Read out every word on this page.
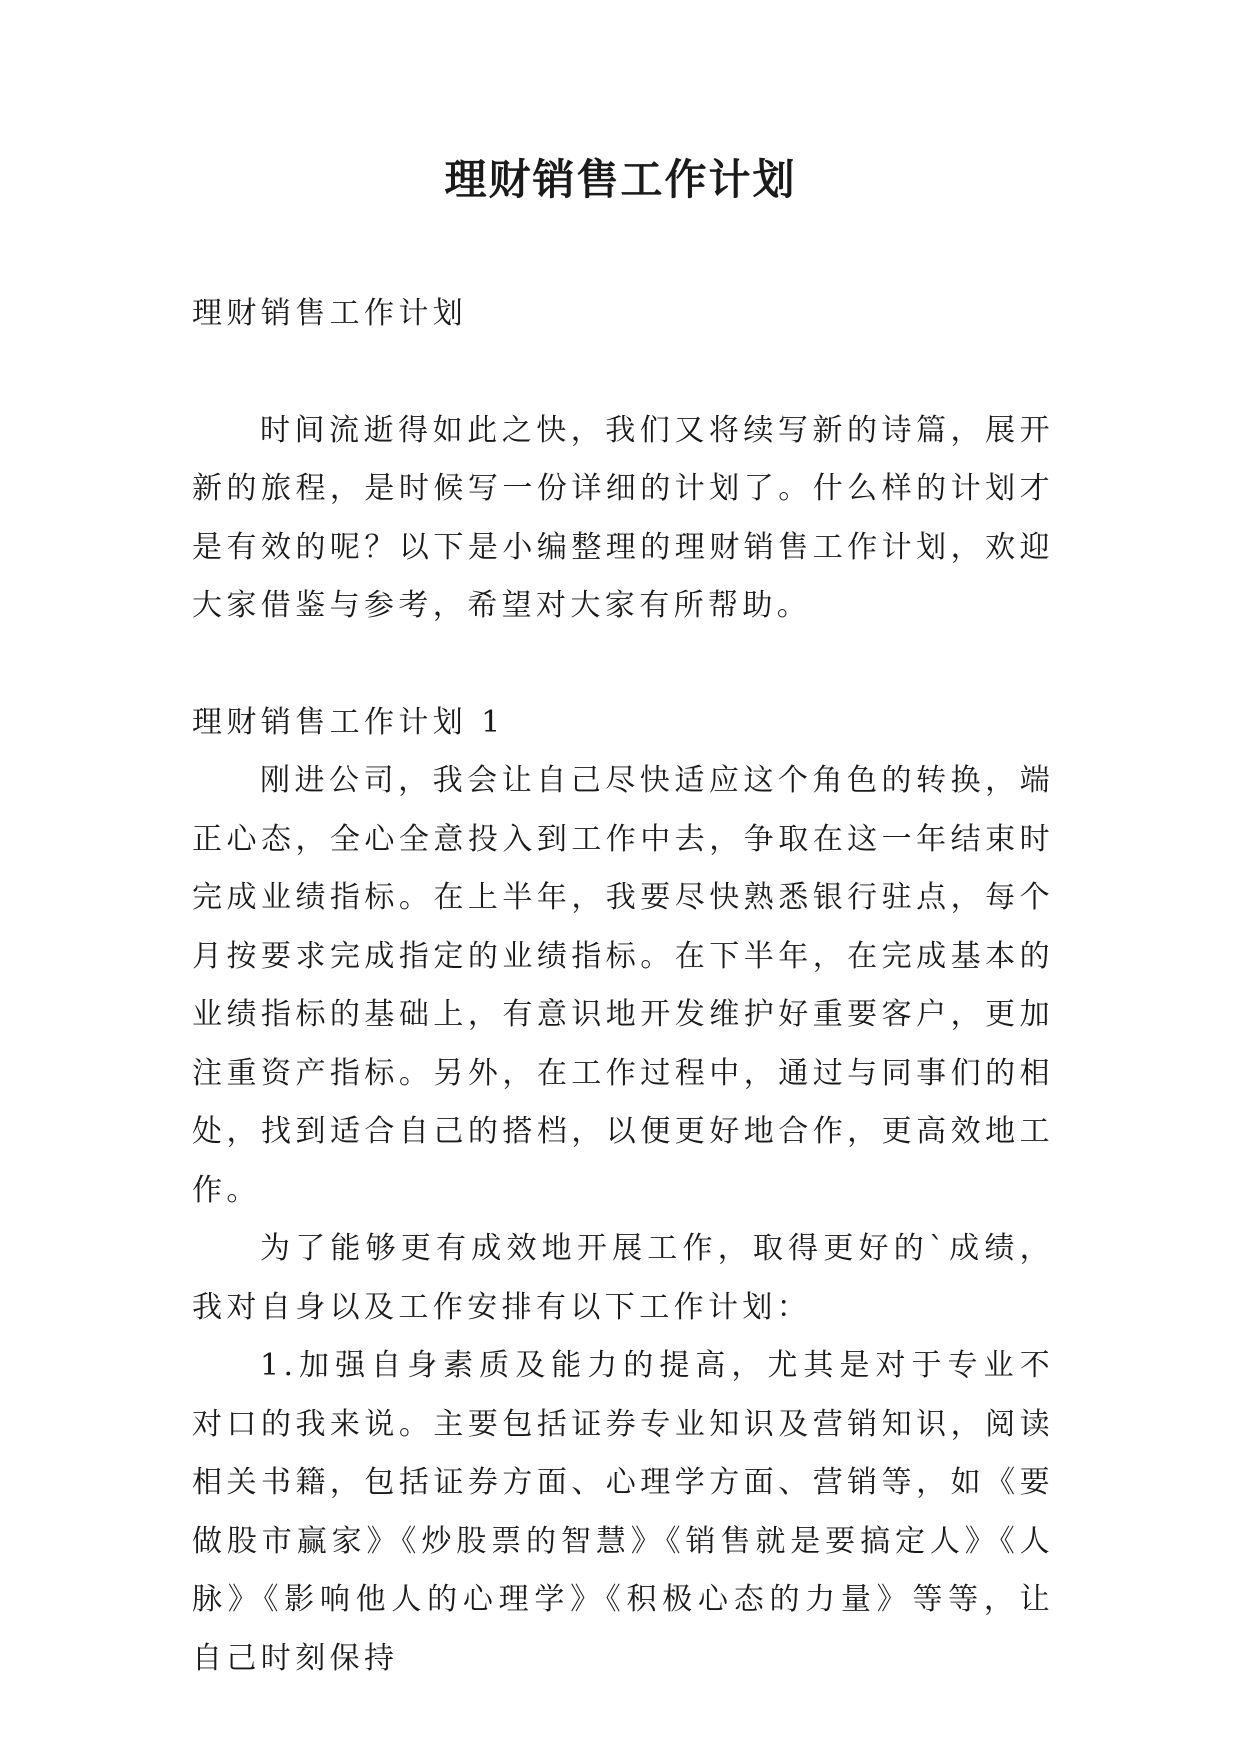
理财销售工作计划

理财销售工作计划

时间流逝得如此之快，我们又将续写新的诗篇，展开新的旅程，是时候写一份详细的计划了。什么样的计划才是有效的呢？以下是小编整理的理财销售工作计划，欢迎大家借鉴与参考，希望对大家有所帮助。

理财销售工作计划 1

刚进公司，我会让自己尽快适应这个角色的转换，端正心态，全心全意投入到工作中去，争取在这一年结束时完成业绩指标。在上半年，我要尽快熟悉银行驻点，每个月按要求完成指定的业绩指标。在下半年，在完成基本的业绩指标的基础上，有意识地开发维护好重要客户，更加注重资产指标。另外，在工作过程中，通过与同事们的相处，找到适合自己的搭档，以便更好地合作，更高效地工作。

为了能够更有成效地开展工作，取得更好的`成绩，我对自身以及工作安排有以下工作计划：

1.加强自身素质及能力的提高，尤其是对于专业不对口的我来说。主要包括证券专业知识及营销知识，阅读相关书籍，包括证券方面、心理学方面、营销等，如《要做股市赢家》《炒股票的智慧》《销售就是要搞定人》《人脉》《影响他人的心理学》《积极心态的力量》等等，让自己时刻保持
